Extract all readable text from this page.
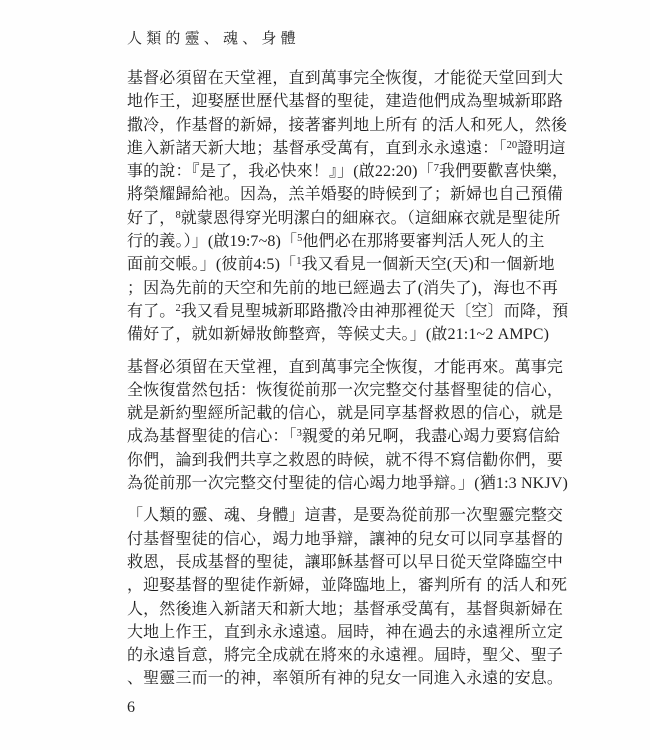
人類的靈、魂、身體
基督必須留在天堂裡，直到萬事完全恢復，才能從天堂回到大
地作王，迎娶歷世歷代基督的聖徒，建造他們成為聖城新耶路
撒冷，作基督的新婦，接著審判地上所有 的活人和死人，然後
進入新諸天新大地；基督承受萬有，直到永永遠遠：「$^{20}$證明這
事的說：『是了，我必快來！』」(啟22:20)「$^7$我們要歡喜快樂，
將榮耀歸給祂。因為，羔羊婚娶的時候到了；新婦也自己預備
好了，$^8$就蒙恩得穿光明潔白的細麻衣。（這細麻衣就是聖徒所
行的義。）」(啟19:7~8)「$^5$他們必在那將要審判活人死人的主
面前交帳。」(彼前4:5)「$^1$我又看見一個新天空(天)和一個新地
；因為先前的天空和先前的地已經過去了(消失了)，海也不再
有了。$^2$我又看見聖城新耶路撒冷由神那裡從天〔空〕而降，預
備好了，就如新婦妝飾整齊，等候丈夫。」(啟21:1~2 AMPC)
基督必須留在天堂裡，直到萬事完全恢復，才能再來。萬事完
全恢復當然包括：恢復從前那一次完整交付基督聖徒的信心，
就是新約聖經所記載的信心，就是同享基督救恩的信心，就是
成為基督聖徒的信心：「$^3$親愛的弟兄啊，我盡心竭力要寫信給
你們，論到我們共享之救恩的時候，就不得不寫信勸你們，要
為從前那一次完整交付聖徒的信心竭力地爭辯。」(猶1:3 NKJV)
「人類的靈、魂、身體」這書，是要為從前那一次聖靈完整交
付基督聖徒的信心，竭力地爭辯，讓神的兒女可以同享基督的
救恩，長成基督的聖徒，讓耶穌基督可以早日從天堂降臨空中
，迎娶基督的聖徒作新婦，並降臨地上，審判所有 的活人和死
人，然後進入新諸天和新大地；基督承受萬有，基督與新婦在
大地上作王，直到永永遠遠。屆時，神在過去的永遠裡所立定
的永遠旨意，將完全成就在將來的永遠裡。屆時，聖父、聖子
、聖靈三而一的神，率領所有神的兒女一同進入永遠的安息。
6
